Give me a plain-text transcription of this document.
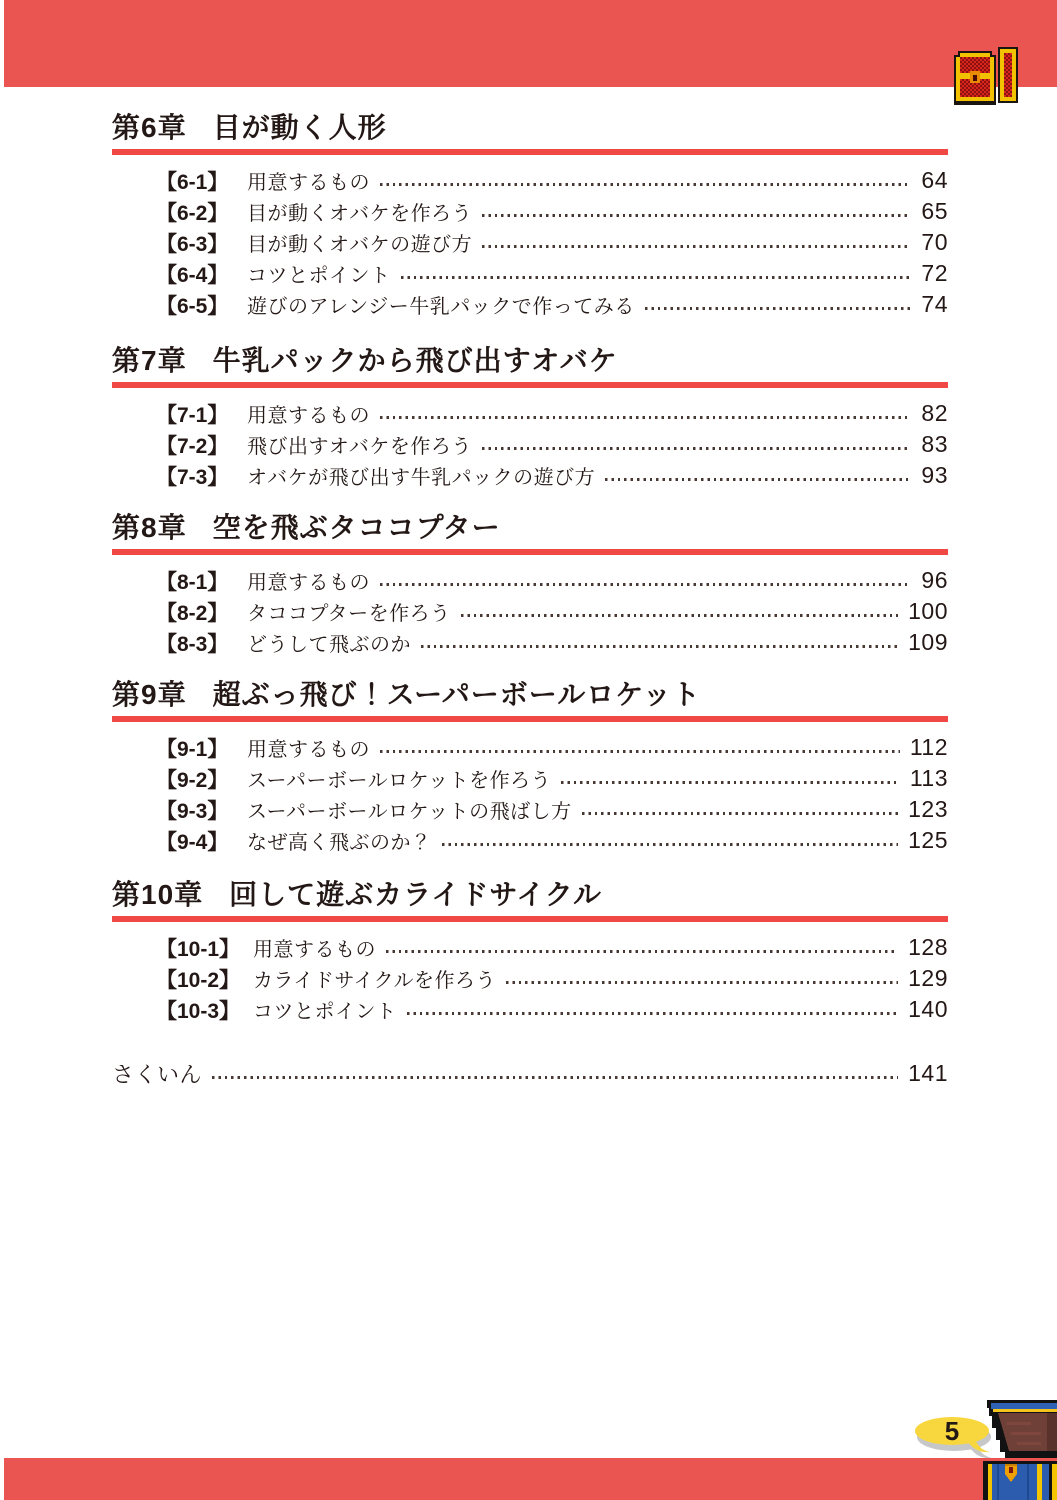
第6章 目が動く人形
【6-1】 用意するもの	64
【6-2】 目が動くオバケを作ろう	65
【6-3】 目が動くオバケの遊び方	70
【6-4】 コツとポイント	72
【6-5】 遊びのアレンジー牛乳パックで作ってみる	74
第7章 牛乳パックから飛び出すオバケ
【7-1】 用意するもの	82
【7-2】 飛び出すオバケを作ろう	83
【7-3】 オバケが飛び出す牛乳パックの遊び方	93
第8章 空を飛ぶタココプター
【8-1】 用意するもの	96
【8-2】 タココプターを作ろう	100
【8-3】 どうして飛ぶのか	109
第9章 超ぶっ飛び！スーパーボールロケット
【9-1】 用意するもの	112
【9-2】 スーパーボールロケットを作ろう	113
【9-3】 スーパーボールロケットの飛ばし方	123
【9-4】 なぜ高く飛ぶのか？	125
第10章 回して遊ぶカライドサイクル
【10-1】 用意するもの	128
【10-2】 カライドサイクルを作ろう	129
【10-3】 コツとポイント	140
さくいん	141
5
